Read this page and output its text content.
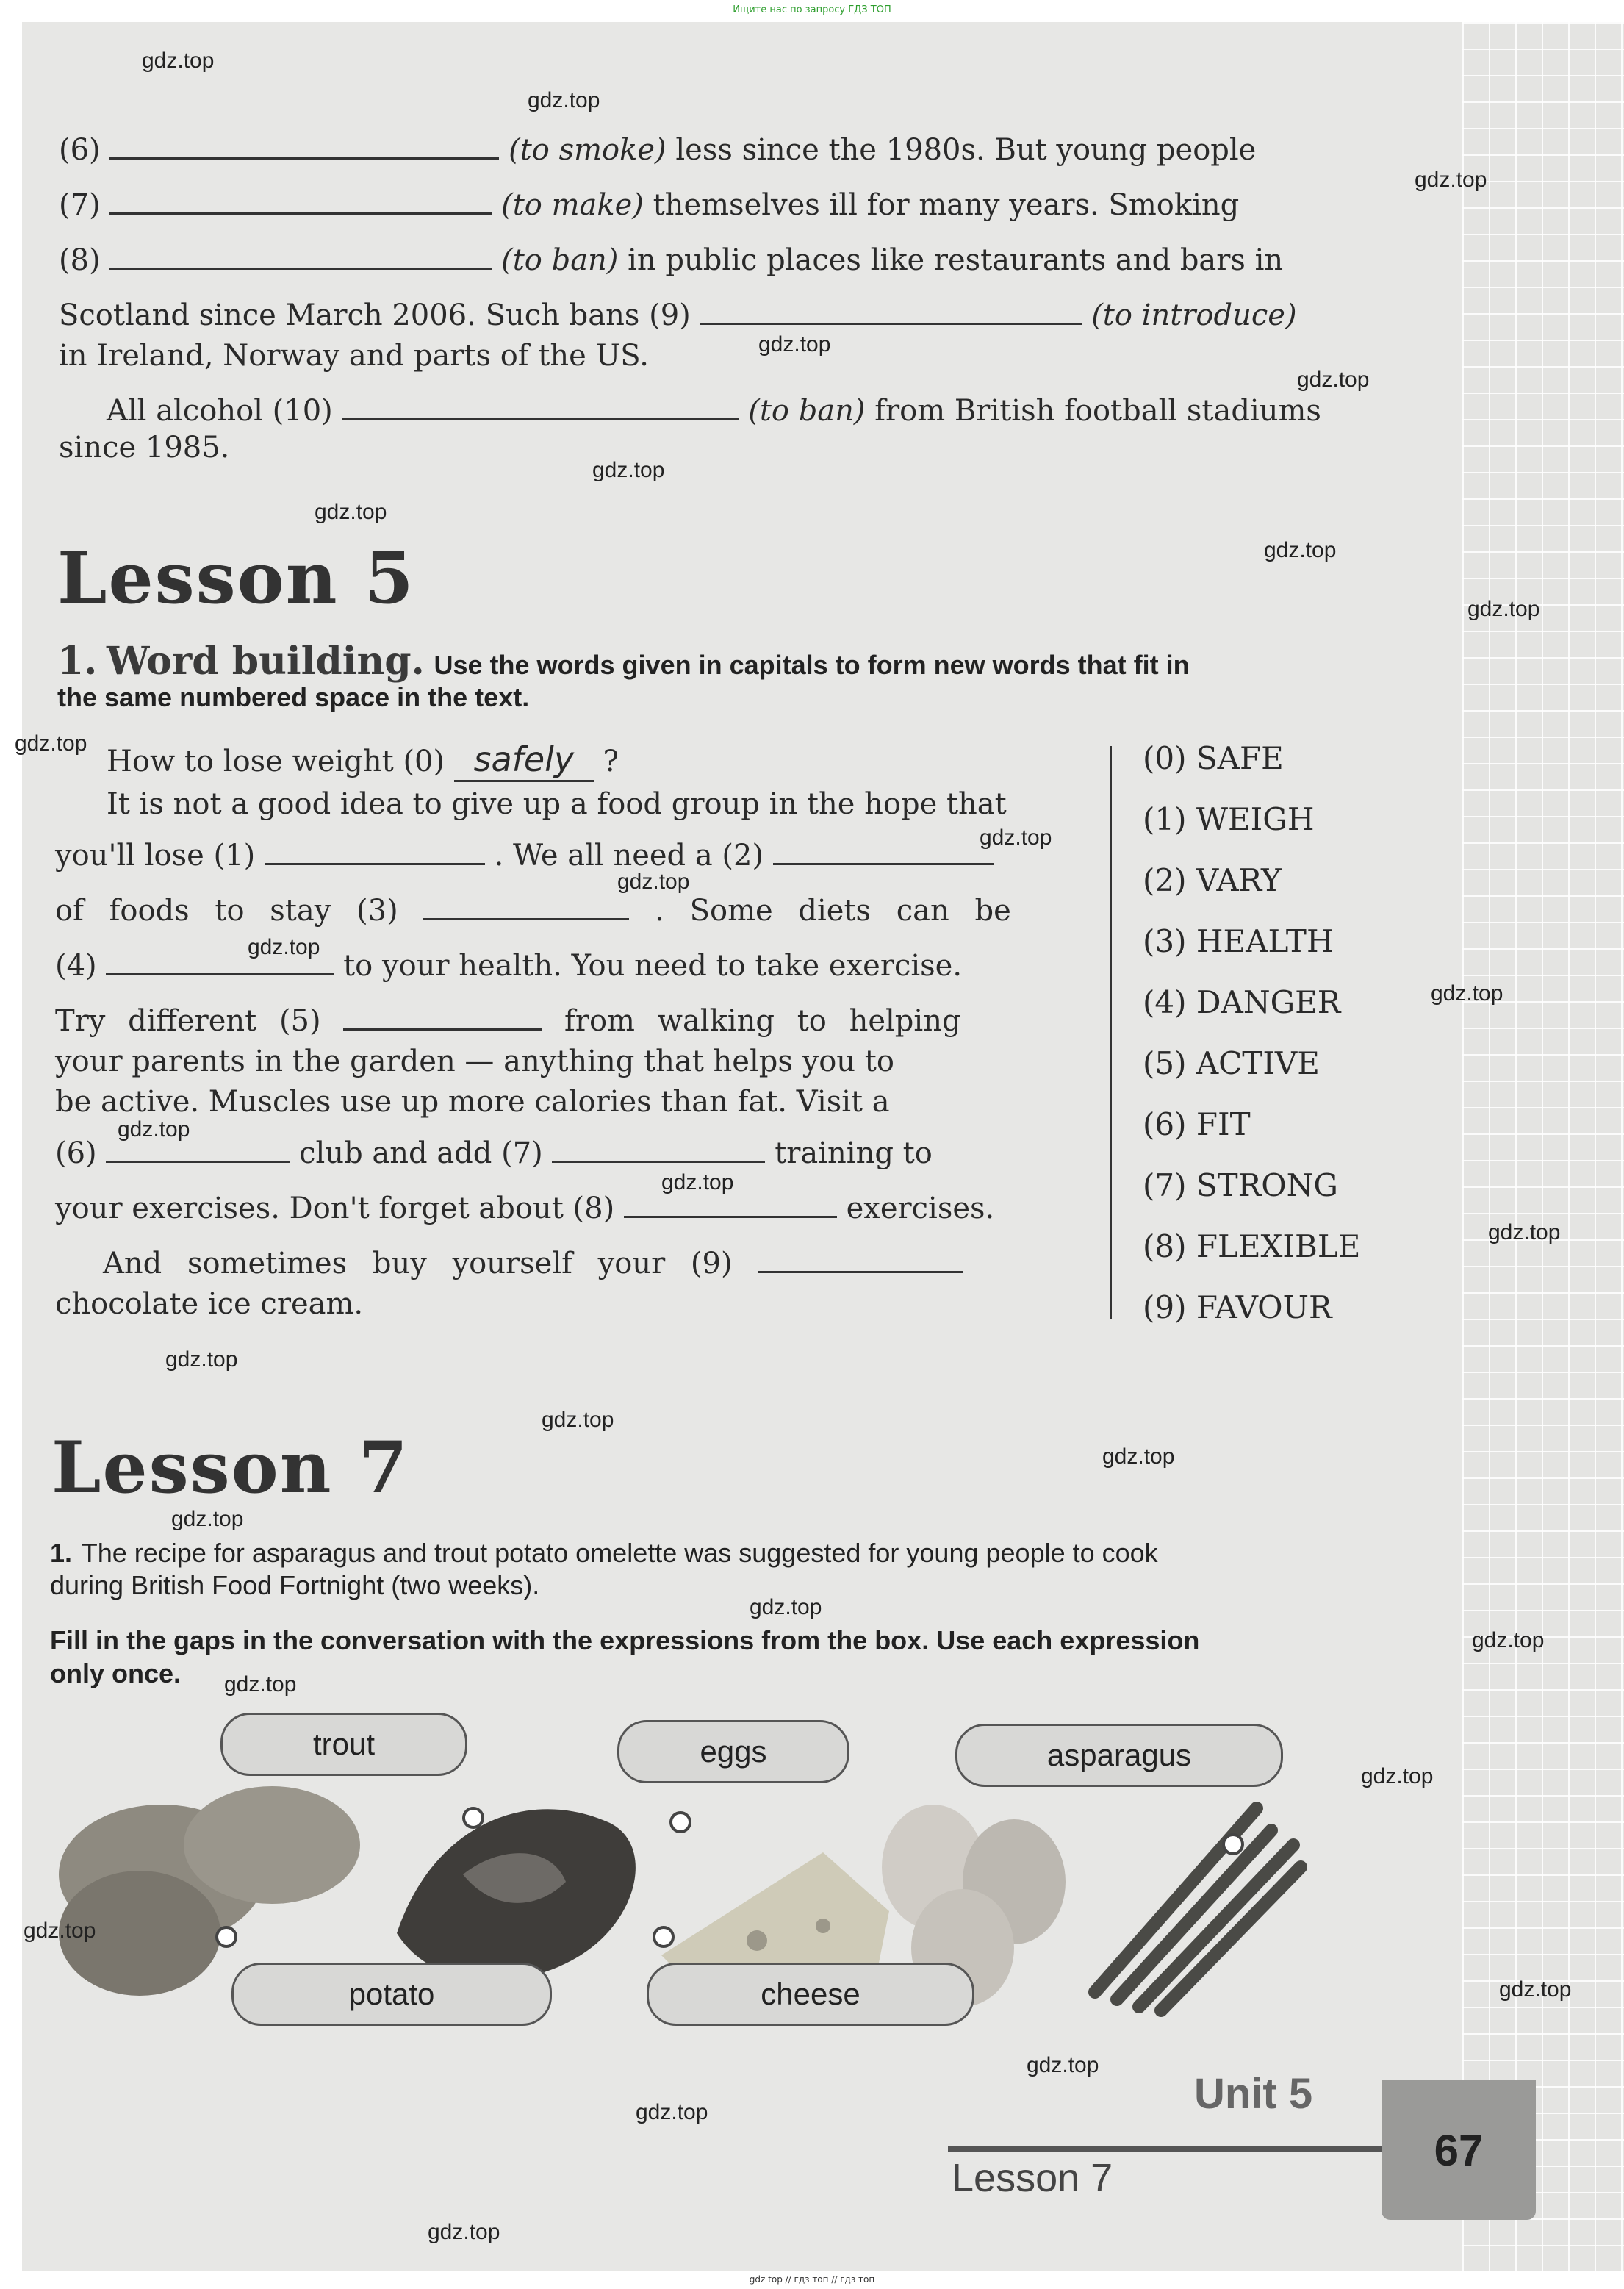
Ищите нас по запросу ГДЗ ТОП
gdz top // гдз топ // гдз топ
(6)	(to smoke) less since the 1980s. But young people
(7)	(to make) themselves ill for many years. Smoking
(8)	(to ban) in public places like restaurants and bars in
Scotland since March 2006. Such bans (9)	(to introduce)
in Ireland, Norway and parts of the US.
All alcohol (10)	(to ban) from British football stadiums
since 1985.
Lesson 5
1. Word building. Use the words given in capitals to form new words that fit in
the same numbered space in the text.
How to lose weight (0) safely ?
It is not a good idea to give up a food group in the hope that
you'll lose (1)	. We all need a (2)
of foods to stay (3)	. Some diets can be
(4)	to your health. You need to take exercise.
Try different (5)	from walking to helping
your parents in the garden — anything that helps you to
be active. Muscles use up more calories than fat. Visit a
(6)	club and add (7)	training to
your exercises. Don't forget about (8)	exercises.
And sometimes buy yourself your (9)
chocolate ice cream.
(0) SAFE
(1) WEIGH
(2) VARY
(3) HEALTH
(4) DANGER
(5) ACTIVE
(6) FIT
(7) STRONG
(8) FLEXIBLE
(9) FAVOUR
Lesson 7
1. The recipe for asparagus and trout potato omelette was suggested for young people to cook
during British Food Fortnight (two weeks).
Fill in the gaps in the conversation with the expressions from the box. Use each expression
only once.
trout	eggs	asparagus
potato	cheese
Unit 5
67
Lesson 7
gdz.top
gdz.top
gdz.top
gdz.top
gdz.top
gdz.top
gdz.top
gdz.top
gdz.top
gdz.top
gdz.top
gdz.top
gdz.top
gdz.top
gdz.top
gdz.top
gdz.top
gdz.top
gdz.top
gdz.top
gdz.top
gdz.top
gdz.top
gdz.top
gdz.top
gdz.top
gdz.top
gdz.top
gdz.top
gdz.top
